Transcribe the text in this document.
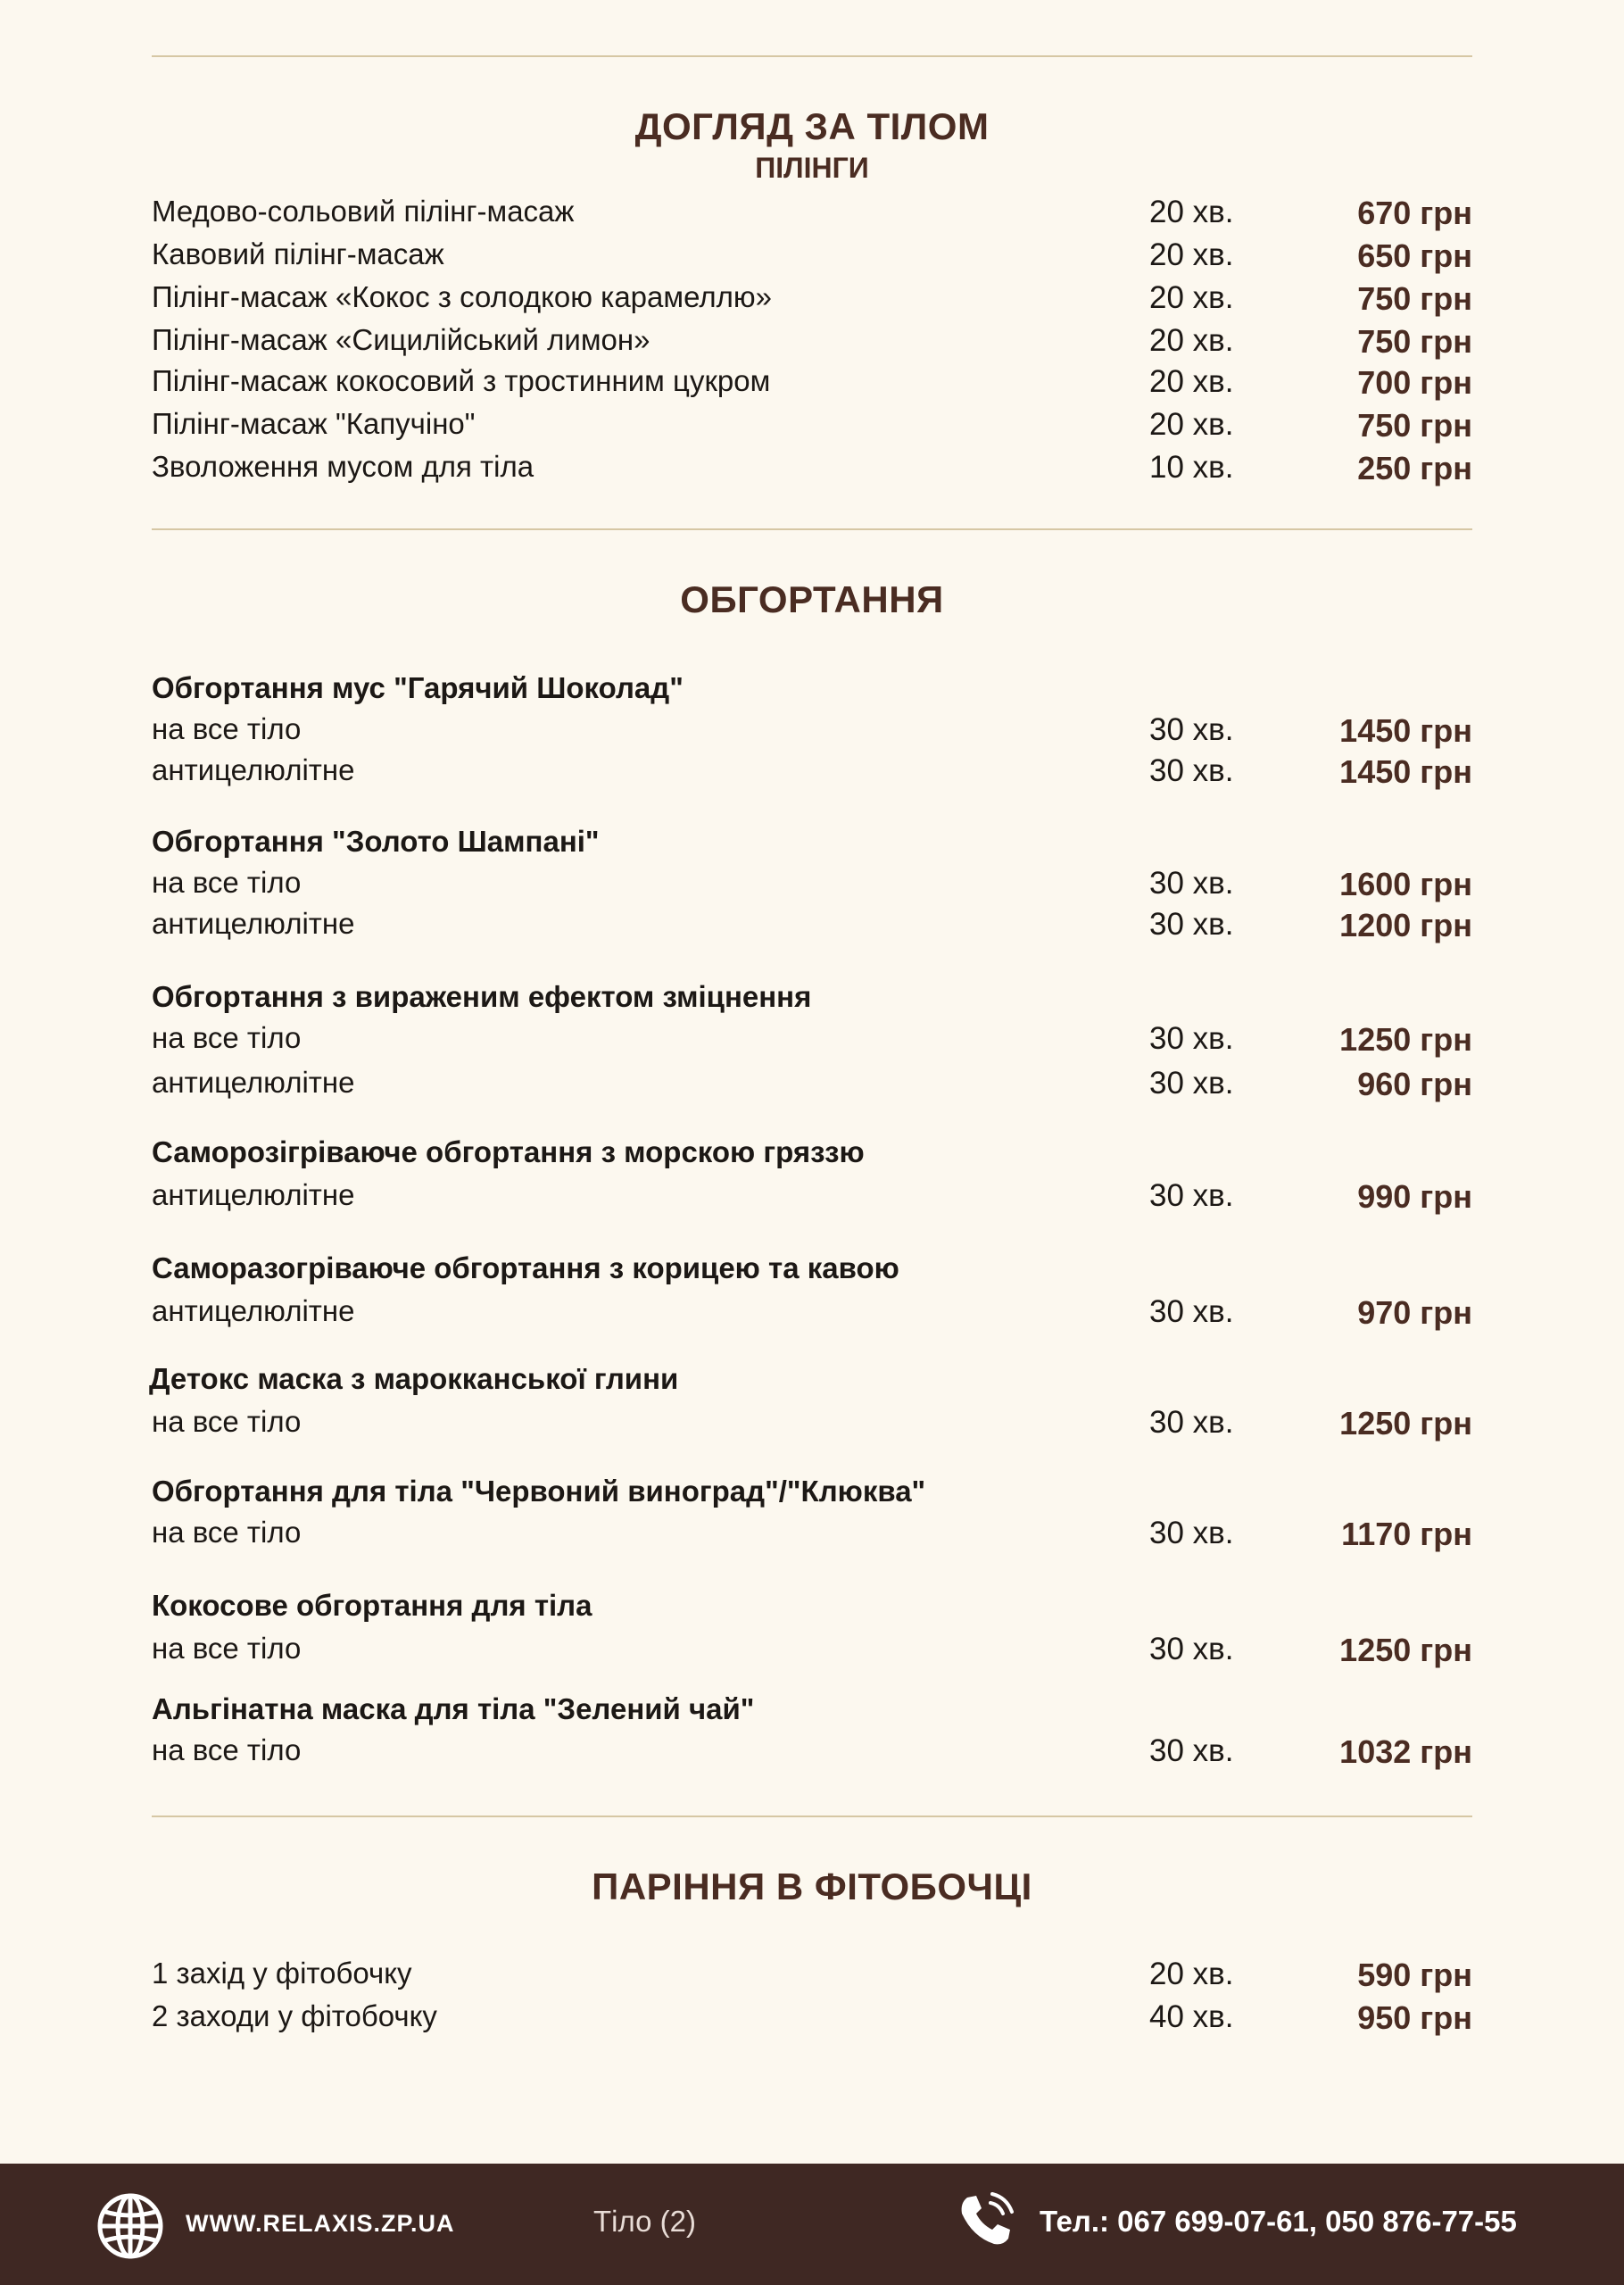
ДОГЛЯД ЗА ТІЛОМ
ПІЛІНГИ
Медово-сольовий пілінг-масаж	20 хв.	670 грн
Кавовий пілінг-масаж	20 хв.	650 грн
Пілінг-масаж «Кокос з солодкою карамеллю»	20 хв.	750 грн
Пілінг-масаж «Сицилійський лимон»	20 хв.	750 грн
Пілінг-масаж кокосовий з тростинним цукром	20 хв.	700 грн
Пілінг-масаж "Капучіно"	20 хв.	750 грн
Зволоження мусом для тіла	10 хв.	250 грн
ОБГОРТАННЯ
Обгортання мус "Гарячий Шоколад"
на все тіло	30 хв.	1450 грн
антицелюлітне	30 хв.	1450 грн
Обгортання "Золото Шампані"
на все тіло	30 хв.	1600 грн
антицелюлітне	30 хв.	1200 грн
Обгортання з вираженим ефектом зміцнення
на все тіло	30 хв.	1250 грн
антицелюлітне	30 хв.	960 грн
Саморозігріваюче обгортання з морскою гряззю
антицелюлітне	30 хв.	990 грн
Саморазогріваюче обгортання з корицею та кавою
антицелюлітне	30 хв.	970 грн
Детокс маска з марокканської глини
на все тіло	30 хв.	1250 грн
Обгортання для тіла "Червоний виноград"/"Клюква"
на все тіло	30 хв.	1170 грн
Кокосове обгортання для тіла
на все тіло	30 хв.	1250 грн
Альгінатна маска для тіла "Зелений чай"
на все тіло	30 хв.	1032 грн
ПАРІННЯ В ФІТОБОЧЦІ
1 захід у фітобочку	20 хв.	590 грн
2 заходи у фітобочку	40 хв.	950 грн
WWW.RELAXIS.ZP.UA	Тіло (2)	Тел.: 067 699-07-61, 050 876-77-55
